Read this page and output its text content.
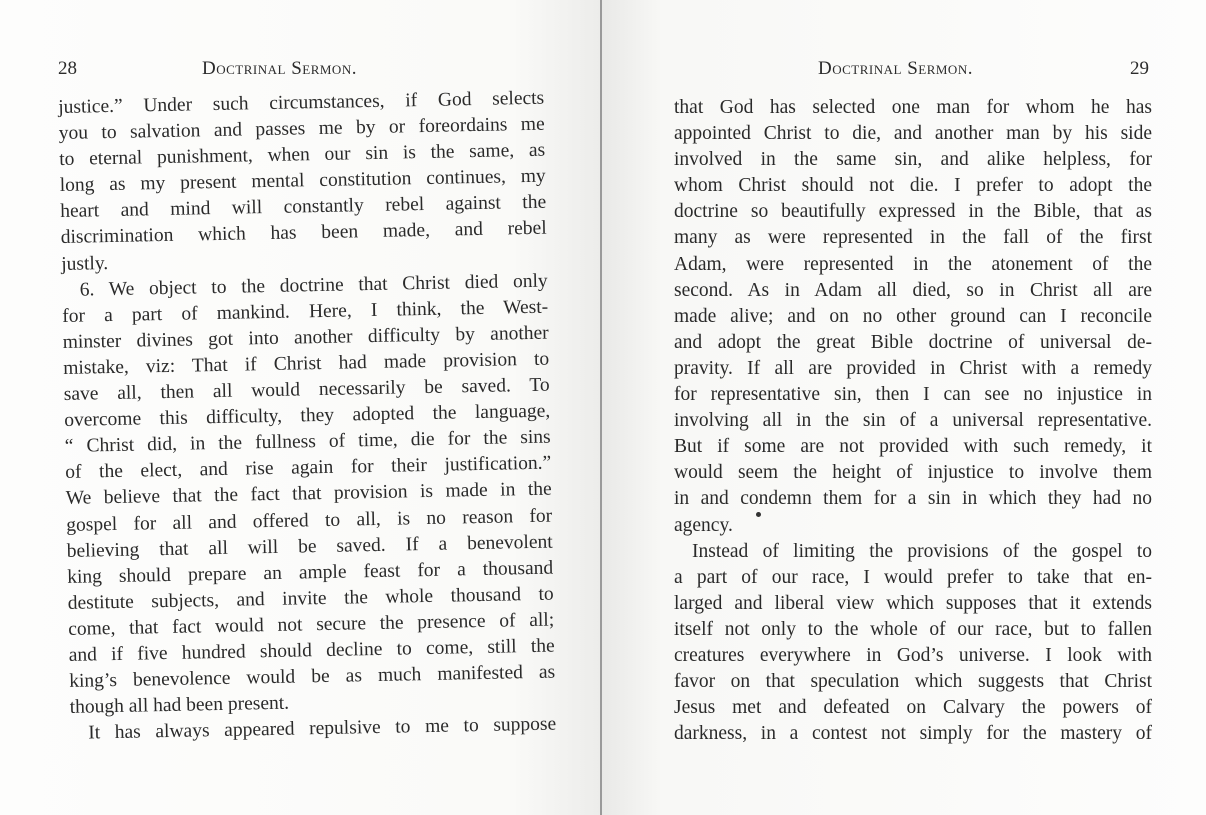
28	Doctrinal Sermon.
justice.” Under such circumstances, if God selects
you to salvation and passes me by or foreordains me
to eternal punishment, when our sin is the same, as
long as my present mental constitution continues, my
heart and mind will constantly rebel against the
discrimination which has been made, and rebel
justly.
6. We object to the doctrine that Christ died only
for a part of mankind. Here, I think, the West-
minster divines got into another difficulty by another
mistake, viz: That if Christ had made provision to
save all, then all would necessarily be saved. To
overcome this difficulty, they adopted the language,
“ Christ did, in the fullness of time, die for the sins
of the elect, and rise again for their justification.”
We believe that the fact that provision is made in the
gospel for all and offered to all, is no reason for
believing that all will be saved. If a benevolent
king should prepare an ample feast for a thousand
destitute subjects, and invite the whole thousand to
come, that fact would not secure the presence of all;
and if five hundred should decline to come, still the
king’s benevolence would be as much manifested as
though all had been present.
It has always appeared repulsive to me to suppose
Doctrinal Sermon.	29
that God has selected one man for whom he has
appointed Christ to die, and another man by his side
involved in the same sin, and alike helpless, for
whom Christ should not die. I prefer to adopt the
doctrine so beautifully expressed in the Bible, that as
many as were represented in the fall of the first
Adam, were represented in the atonement of the
second. As in Adam all died, so in Christ all are
made alive; and on no other ground can I reconcile
and adopt the great Bible doctrine of universal de-
pravity. If all are provided in Christ with a remedy
for representative sin, then I can see no injustice in
involving all in the sin of a universal representative.
But if some are not provided with such remedy, it
would seem the height of injustice to involve them
in and condemn them for a sin in which they had no
agency.
Instead of limiting the provisions of the gospel to
a part of our race, I would prefer to take that en-
larged and liberal view which supposes that it extends
itself not only to the whole of our race, but to fallen
creatures everywhere in God’s universe. I look with
favor on that speculation which suggests that Christ
Jesus met and defeated on Calvary the powers of
darkness, in a contest not simply for the mastery of
